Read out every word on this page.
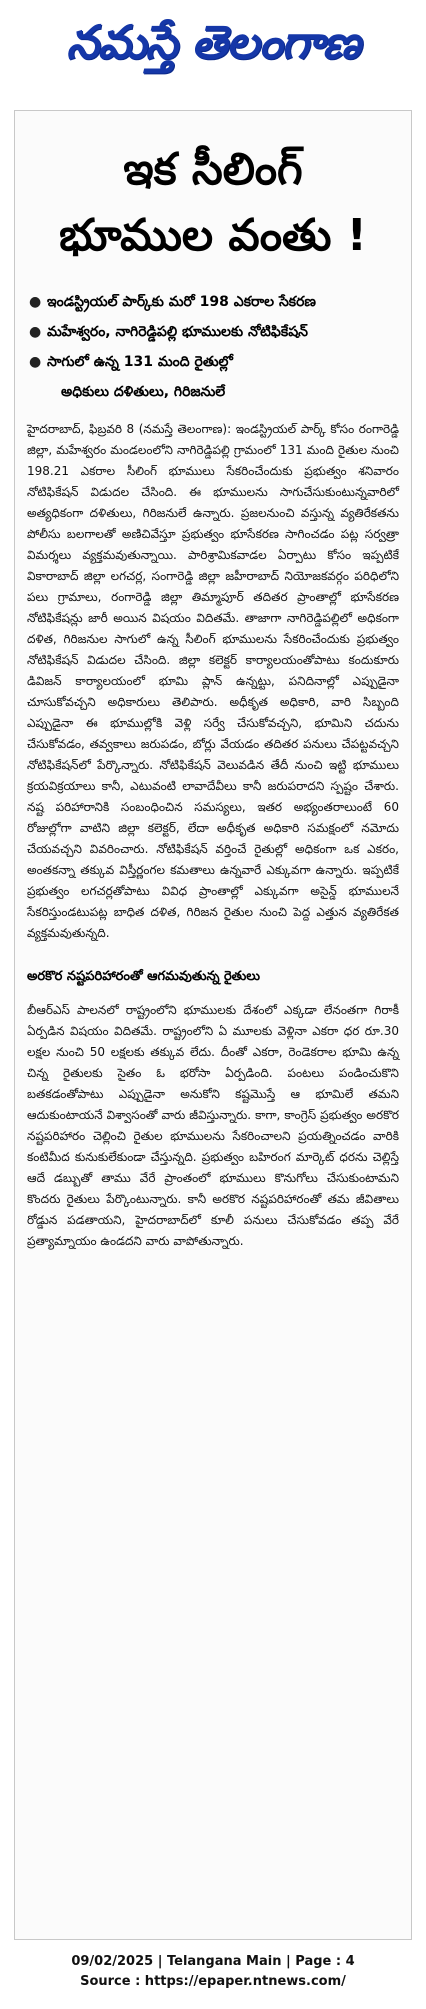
నమస్తే తెలంగాణ
ఇక సీలింగ్
భూముల వంతు !
● ఇండస్ట్రియల్ పార్క్‌కు మరో 198 ఎకరాల సేకరణ
● మహేశ్వరం, నాగిరెడ్డిపల్లి భూములకు నోటిఫికేషన్
● సాగులో ఉన్న 131 మంది రైతుల్లో
అధికులు దళితులు, గిరిజనులే

హైదరాబాద్, ఫిబ్రవరి 8 (నమస్తే తెలంగాణ): ఇండస్ట్రియల్ పార్క్ కోసం రంగారెడ్డి జిల్లా, మహేశ్వరం మండలంలోని నాగిరెడ్డిపల్లి గ్రామంలో 131 మంది రైతుల నుంచి 198.21 ఎకరాల సీలింగ్ భూములు సేకరించేందుకు ప్రభుత్వం శనివారం నోటిఫికేషన్ విడుదల చేసింది. ఈ భూములను సాగుచేసుకుంటున్నవారిలో అత్యధికంగా దళితులు, గిరిజనులే ఉన్నారు. ప్రజలనుంచి వస్తున్న వ్యతిరేకతను పోలీసు బలగాలతో అణిచివేస్తూ ప్రభుత్వం భూసేకరణ సాగించడం పట్ల సర్వత్రా విమర్శలు వ్యక్తమవుతున్నాయి. పారిశ్రామికవాడల ఏర్పాటు కోసం ఇప్పటికే వికారాబాద్ జిల్లా లగచర్ల, సంగారెడ్డి జిల్లా జహీరాబాద్ నియోజకవర్గం పరిధిలోని పలు గ్రామాలు, రంగారెడ్డి జిల్లా తిమ్మాపూర్ తదితర ప్రాంతాల్లో భూసేకరణ నోటిఫికేషన్లు జారీ అయిన విషయం విదితమే. తాజాగా నాగిరెడ్డిపల్లిలో అధికంగా దళిత, గిరిజనుల సాగులో ఉన్న సీలింగ్ భూములను సేకరించేందుకు ప్రభుత్వం నోటిఫికేషన్ విడుదల చేసింది. జిల్లా కలెక్టర్ కార్యాలయంతోపాటు కందుకూరు డివిజన్ కార్యాలయంలో భూమి ప్లాన్ ఉన్నట్టు, పనిదినాల్లో ఎప్పుడైనా చూసుకోవచ్చని అధికారులు తెలిపారు. అధీకృత అధికారి, వారి సిబ్బంది ఎప్పుడైనా ఈ భూముల్లోకి వెళ్లి సర్వే చేసుకోవచ్చని, భూమిని చదును చేసుకోవడం, తవ్వకాలు జరుపడం, బోర్లు వేయడం తదితర పనులు చేపట్టవచ్చని నోటిఫికేషన్‌లో పేర్కొన్నారు. నోటిఫికేషన్ వెలువడిన తేదీ నుంచి ఇట్టి భూములు క్రయవిక్రయాలు కానీ, ఎటువంటి లావాదేవీలు కానీ జరుపరాదని స్పష్టం చేశారు. నష్ట పరిహారానికి సంబంధించిన సమస్యలు, ఇతర అభ్యంతరాలుంటే 60 రోజుల్లోగా వాటిని జిల్లా కలెక్టర్, లేదా అధీకృత అధికారి సమక్షంలో నమోదు చేయవచ్చని వివరించారు. నోటిఫికేషన్ వర్తించే రైతుల్లో అధికంగా ఒక ఎకరం, అంతకన్నా తక్కువ విస్తీర్ణంగల కమతాలు ఉన్నవారే ఎక్కువగా ఉన్నారు. ఇప్పటికే ప్రభుత్వం లగచర్లతోపాటు వివిధ ప్రాంతాల్లో ఎక్కువగా అసైన్డ్ భూములనే సేకరిస్తుండటుపట్ల బాధిత దళిత, గిరిజన రైతుల నుంచి పెద్ద ఎత్తున వ్యతిరేకత వ్యక్తమవుతున్నది.

అరకొర నష్టపరిహారంతో ఆగమవుతున్న రైతులు

బీఆర్ఎస్ పాలనలో రాష్ట్రంలోని భూములకు దేశంలో ఎక్కడా లేనంతగా గిరాకీ ఏర్పడిన విషయం విదితమే. రాష్ట్రంలోని ఏ మూలకు వెళ్లినా ఎకరా ధర రూ.30 లక్షల నుంచి 50 లక్షలకు తక్కువ లేదు. దీంతో ఎకరా, రెండెకరాల భూమి ఉన్న చిన్న రైతులకు సైతం ఓ భరోసా ఏర్పడింది. పంటలు పండించుకొని బతకడంతోపాటు ఎప్పుడైనా అనుకోని కష్టమొస్తే ఆ భూమిలే తమని ఆదుకుంటాయనే విశ్వాసంతో వారు జీవిస్తున్నారు. కాగా, కాంగ్రెస్ ప్రభుత్వం అరకొర నష్టపరిహారం చెల్లించి రైతుల భూములను సేకరించాలని ప్రయత్నించడం వారికి కంటిమీద కునుకులేకుండా చేస్తున్నది. ప్రభుత్వం బహిరంగ మార్కెట్ ధరను చెల్లిస్తే ఆదే డబ్బుతో తాము వేరే ప్రాంతంలో భూములు కొనుగోలు చేసుకుంటామని కొందరు రైతులు పేర్కొంటున్నారు. కానీ అరకొర నష్టపరిహారంతో తమ జీవితాలు రోడ్డున పడతాయని, హైదరాబాద్‌లో కూలీ పనులు చేసుకోవడం తప్ప వేరే ప్రత్యామ్నాయం ఉండదని వారు వాపోతున్నారు.

09/02/2025 | Telangana Main | Page : 4
Source : https://epaper.ntnews.com/
